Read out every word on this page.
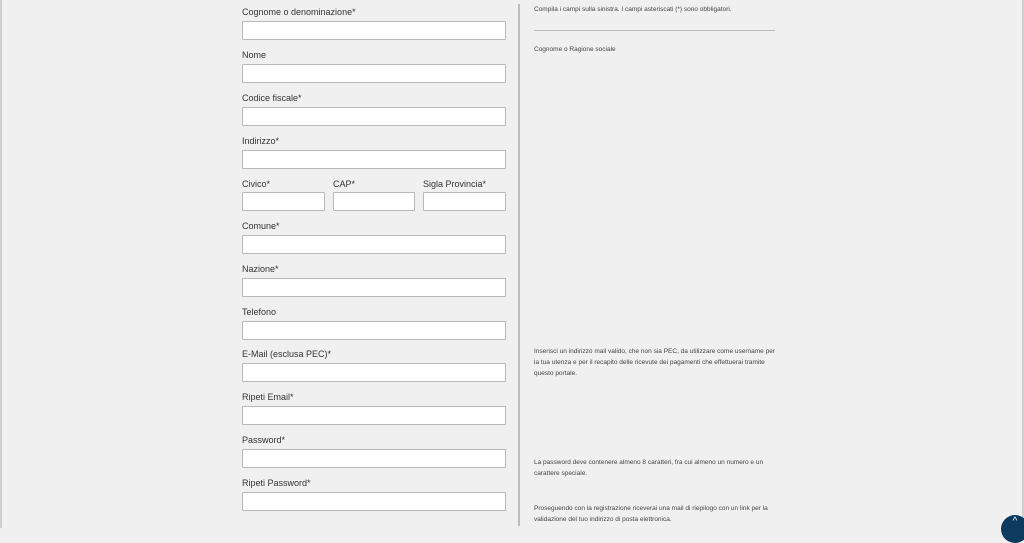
Cognome o denominazione*
Nome
Codice fiscale*
Indirizzo*
Civico*	CAP*	Sigla Provincia*
Comune*
Nazione*
Telefono
E-Mail (esclusa PEC)*
Ripeti Email*
Password*
Ripeti Password*
Compila i campi sulla sinistra. I campi asteriscati (*) sono obbligatori.
Cognome o Ragione sociale
Inserisci un indirizzo mail valido, che non sia PEC, da utilizzare come username per la tua utenza e per il recapito delle ricevute dei pagamenti che effettuerai tramite questo portale.
La password deve contenere almeno 8 caratteri, fra cui almeno un numero e un carattere speciale.
Proseguendo con la registrazione riceverai una mail di riepilogo con un link per la validazione del tuo indirizzo di posta elettronica.	^
